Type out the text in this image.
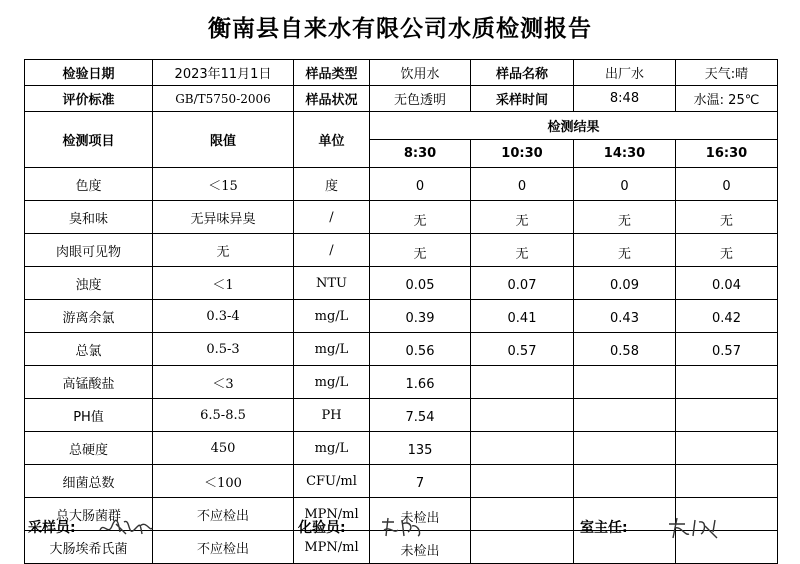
衡南县自来水有限公司水质检测报告
检验日期	2023年11月1日	样品类型	饮用水	样品名称	出厂水	天气:晴
评价标准	GB/T5750-2006	样品状况	无色透明	采样时间	8:48	水温: 25℃
检测项目	限值	单位	检测结果			
			8:30	10:30	14:30	16:30
色度	＜15	度	0	0	0	0
臭和味	无异味异臭	/	无	无	无	无
肉眼可见物	无	/	无	无	无	无
浊度	＜1	NTU	0.05	0.07	0.09	0.04
游离余氯	0.3-4	mg/L	0.39	0.41	0.43	0.42
总氯	0.5-3	mg/L	0.56	0.57	0.58	0.57
高锰酸盐	＜3	mg/L	1.66			
PH值	6.5-8.5	PH	7.54			
总硬度	450	mg/L	135			
细菌总数	＜100	CFU/ml	7			
总大肠菌群	不应检出	MPN/ml	未检出			
大肠埃希氏菌	不应检出	MPN/ml	未检出			
采样员:	化验员:	室主任:
